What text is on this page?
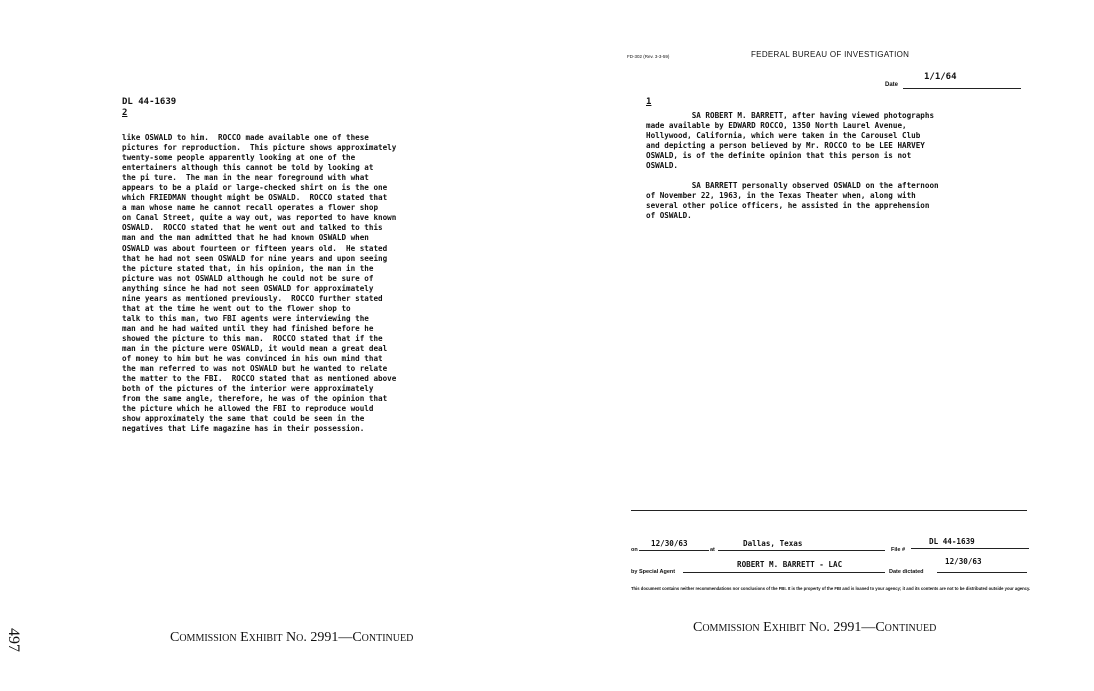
DL 44-1639
2
like OSWALD to him.  ROCCO made available one of these
pictures for reproduction.  This picture shows approximately
twenty-some people apparently looking at one of the
entertainers although this cannot be told by looking at
the pi ture.  The man in the near foreground with what
appears to be a plaid or large-checked shirt on is the one
which FRIEDMAN thought might be OSWALD.  ROCCO stated that
a man whose name he cannot recall operates a flower shop
on Canal Street, quite a way out, was reported to have known
OSWALD.  ROCCO stated that he went out and talked to this
man and the man admitted that he had known OSWALD when
OSWALD was about fourteen or fifteen years old.  He stated
that he had not seen OSWALD for nine years and upon seeing
the picture stated that, in his opinion, the man in the
picture was not OSWALD although he could not be sure of
anything since he had not seen OSWALD for approximately
nine years as mentioned previously.  ROCCO further stated
that at the time he went out to the flower shop to
talk to this man, two FBI agents were interviewing the
man and he had waited until they had finished before he
showed the picture to this man.  ROCCO stated that if the
man in the picture were OSWALD, it would mean a great deal
of money to him but he was convinced in his own mind that
the man referred to was not OSWALD but he wanted to relate
the matter to the FBI.  ROCCO stated that as mentioned above
both of the pictures of the interior were approximately
from the same angle, therefore, he was of the opinion that
the picture which he allowed the FBI to reproduce would
show approximately the same that could be seen in the
negatives that Life magazine has in their possession.
497	Commission Exhibit No. 2991—Continued
FD-302 (Rev. 3-3-59)	FEDERAL BUREAU OF INVESTIGATION
1/1/64
Date
1
SA ROBERT M. BARRETT, after having viewed photographs
made available by EDWARD ROCCO, 1350 North Laurel Avenue,
Hollywood, California, which were taken in the Carousel Club
and depicting a person believed by Mr. ROCCO to be LEE HARVEY
OSWALD, is of the definite opinion that this person is not
OSWALD.

SA BARRETT personally observed OSWALD on the afternoon
of November 22, 1963, in the Texas Theater when, along with
several other police officers, he assisted in the apprehension
of OSWALD.
on
12/30/63
at
Dallas, Texas
File #
DL 44-1639
by Special Agent
ROBERT M. BARRETT - LAC
Date dictated
12/30/63
This document contains neither recommendations nor conclusions of the FBI. It is the property of the FBI and is loaned to your agency; it and its contents are not to be distributed outside your agency.
Commission Exhibit No. 2991—Continued
